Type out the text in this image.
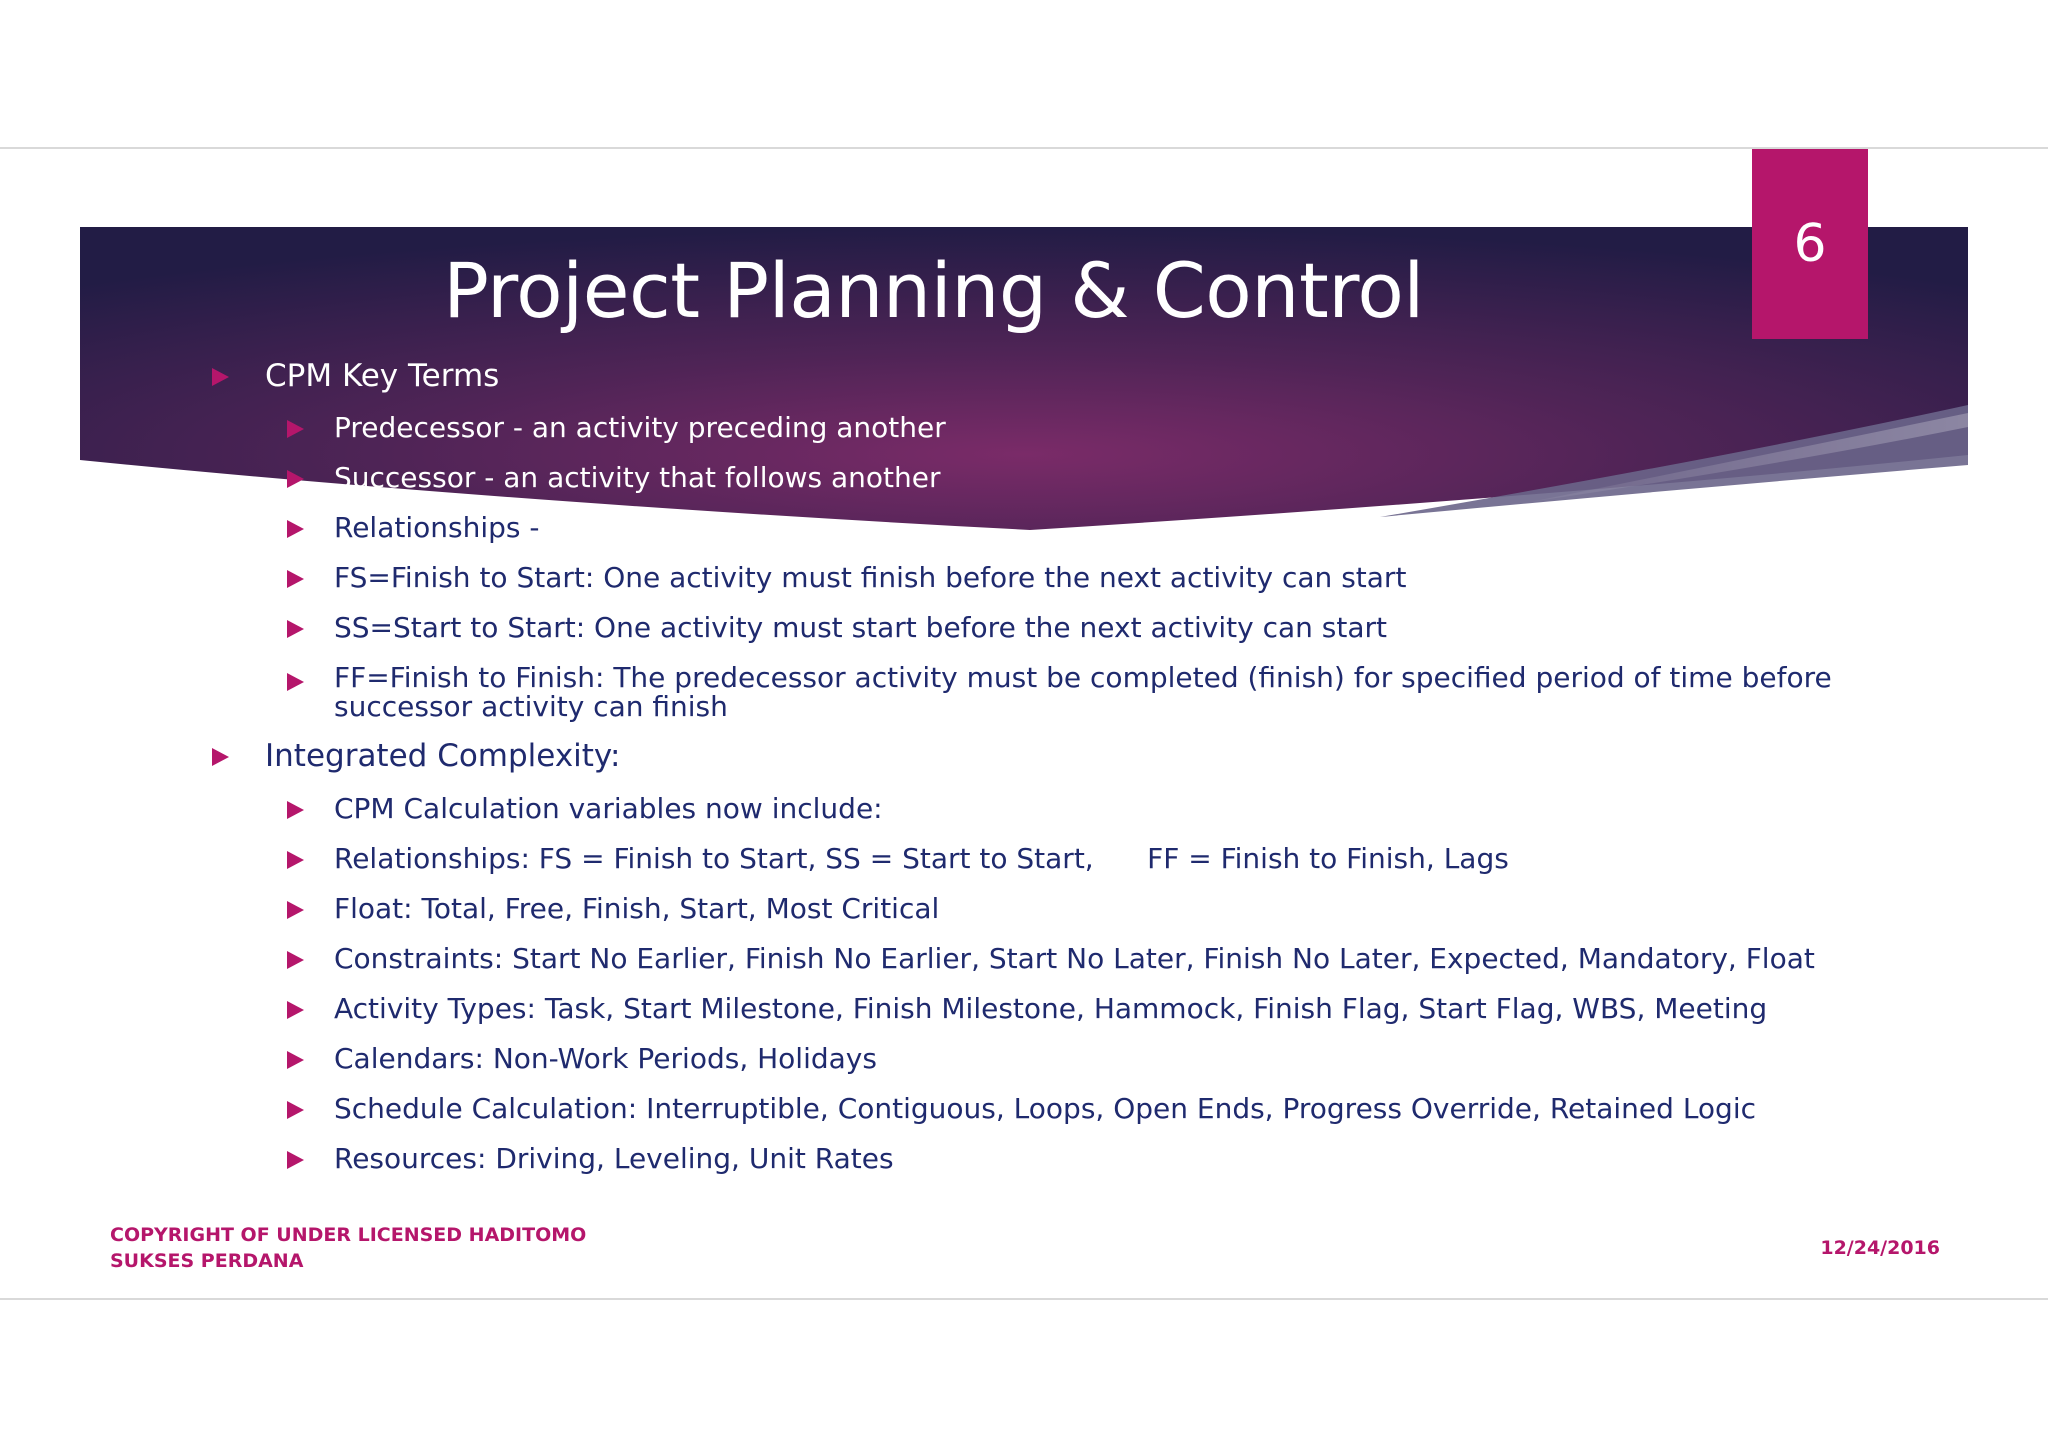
6
Project Planning & Control
CPM Key Terms
Predecessor - an activity preceding another
Successor - an activity that follows another
Relationships -
FS=Finish to Start: One activity must finish before the next activity can start
SS=Start to Start: One activity must start before the next activity can start
FF=Finish to Finish: The predecessor activity must be completed (finish) for specified period of time before successor activity can finish
Integrated Complexity:
CPM Calculation variables now include:
Relationships: FS = Finish to Start, SS = Start to Start,      FF = Finish to Finish, Lags
Float: Total, Free, Finish, Start, Most Critical
Constraints: Start No Earlier, Finish No Earlier, Start No Later, Finish No Later, Expected, Mandatory, Float
Activity Types: Task, Start Milestone, Finish Milestone, Hammock, Finish Flag, Start Flag, WBS, Meeting
Calendars: Non-Work Periods, Holidays
Schedule Calculation: Interruptible, Contiguous, Loops, Open Ends, Progress Override, Retained Logic
Resources: Driving, Leveling, Unit Rates
COPYRIGHT OF UNDER LICENSED HADITOMO SUKSES PERDANA
12/24/2016
